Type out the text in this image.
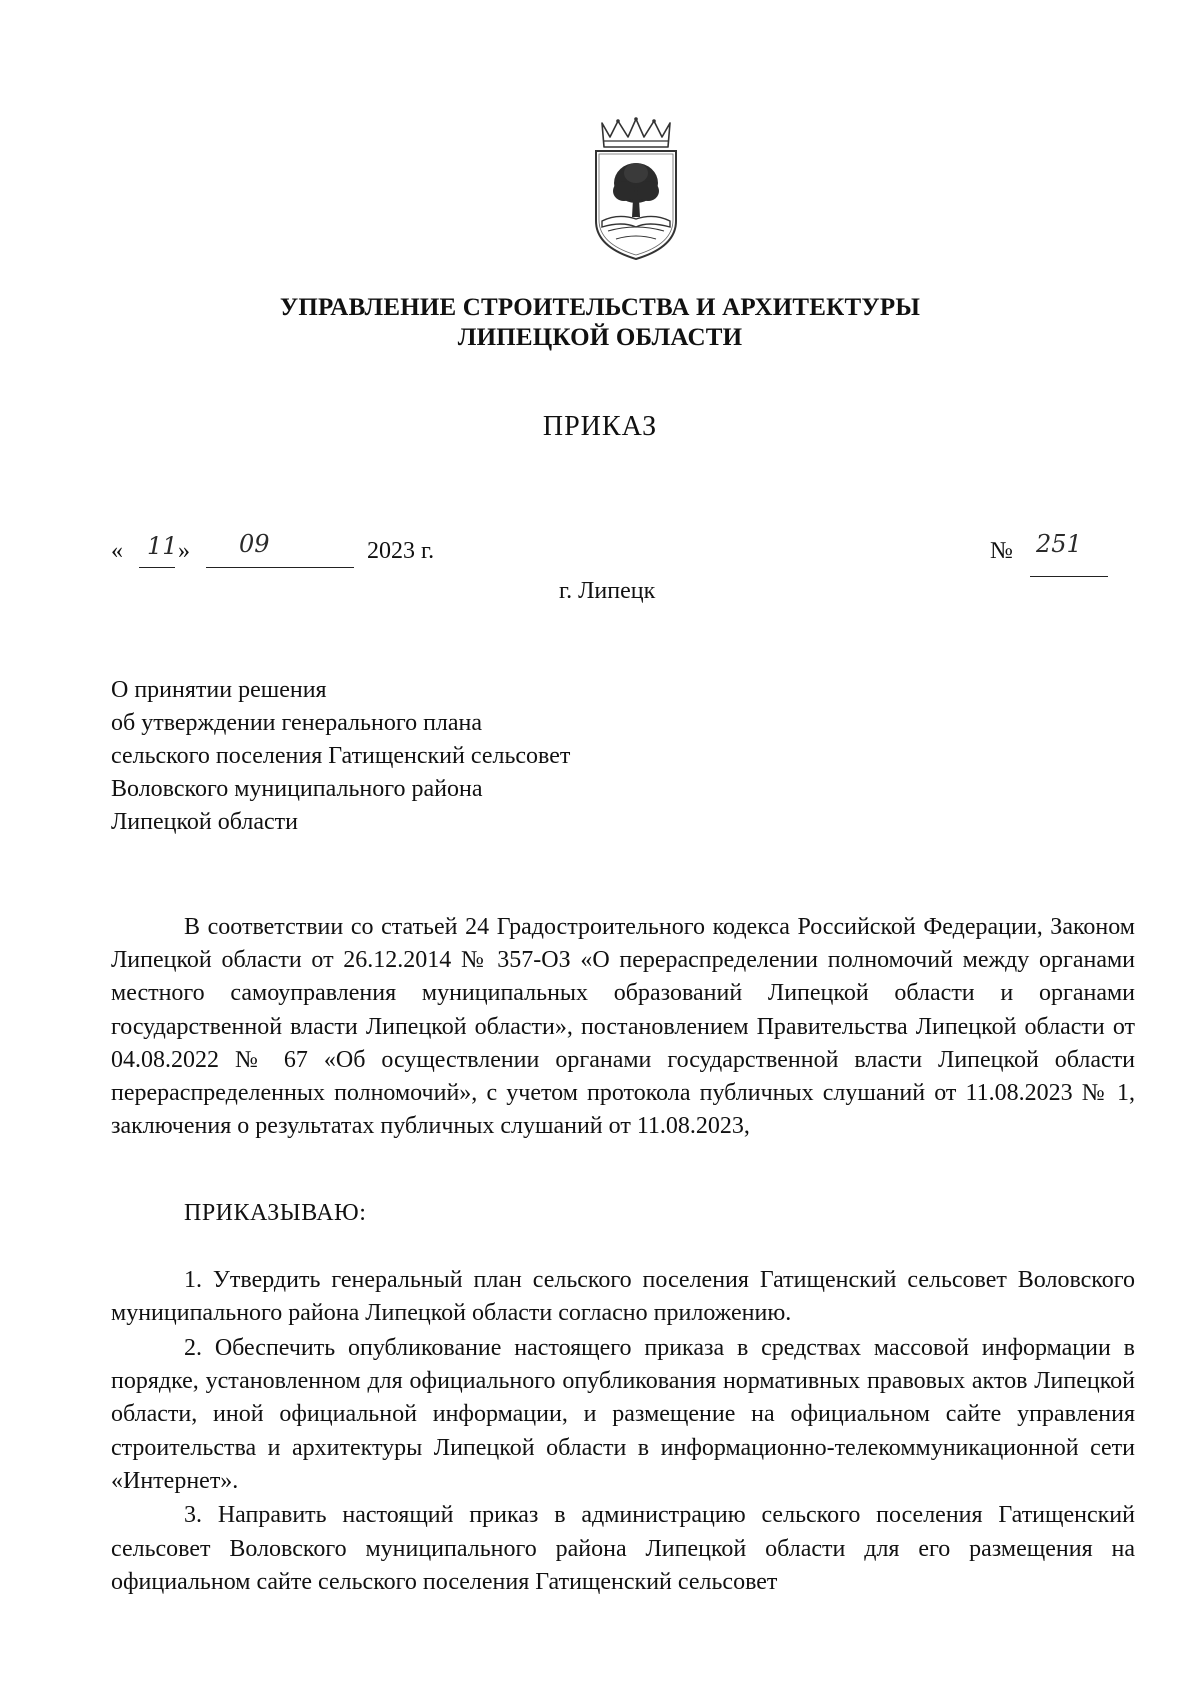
УПРАВЛЕНИЕ СТРОИТЕЛЬСТВА И АРХИТЕКТУРЫ
ЛИПЕЦКОЙ ОБЛАСТИ
ПРИКАЗ
« 11 » 09	2023 г.	№ 251
г. Липецк
О принятии решения
об утверждении генерального плана
сельского поселения Гатищенский сельсовет
Воловского муниципального района
Липецкой области

В соответствии со статьей 24 Градостроительного кодекса Российской Федерации, Законом Липецкой области от 26.12.2014 № 357-ОЗ «О перераспределении полномочий между органами местного самоуправления муниципальных образований Липецкой области и органами государственной власти Липецкой области», постановлением Правительства Липецкой области от 04.08.2022 № 67 «Об осуществлении органами государственной власти Липецкой области перераспределенных полномочий», с учетом протокола публичных слушаний от 11.08.2023 № 1, заключения о результатах публичных слушаний от 11.08.2023,

ПРИКАЗЫВАЮ:

1. Утвердить генеральный план сельского поселения Гатищенский сельсовет Воловского муниципального района Липецкой области согласно приложению.

2. Обеспечить опубликование настоящего приказа в средствах массовой информации в порядке, установленном для официального опубликования нормативных правовых актов Липецкой области, иной официальной информации, и размещение на официальном сайте управления строительства и архитектуры Липецкой области в информационно-телекоммуникационной сети «Интернет».

3. Направить настоящий приказ в администрацию сельского поселения Гатищенский сельсовет Воловского муниципального района Липецкой области для его размещения на официальном сайте сельского поселения Гатищенский сельсовет
